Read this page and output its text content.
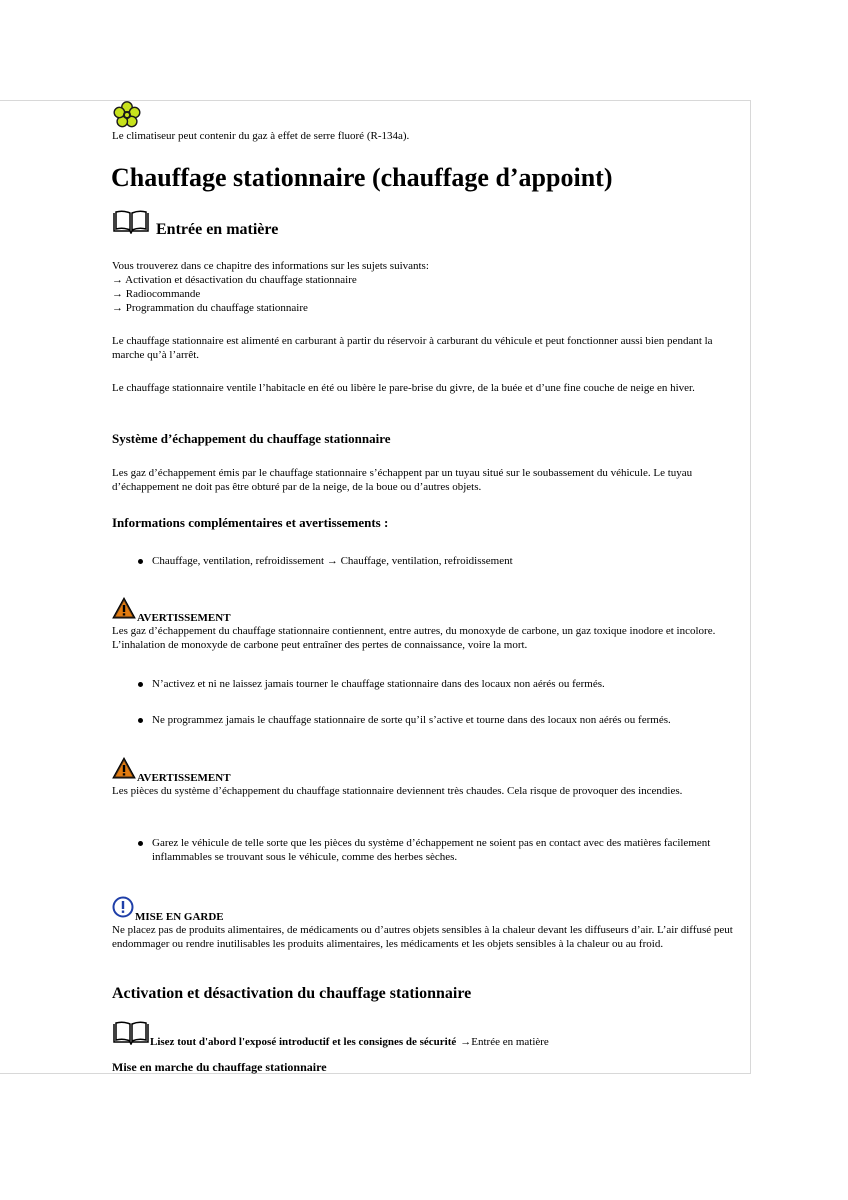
Le climatiseur peut contenir du gaz à effet de serre fluoré (R-134a).
Chauffage stationnaire (chauffage d’appoint)
Entrée en matière
Vous trouverez dans ce chapitre des informations sur les sujets suivants:
→ Activation et désactivation du chauffage stationnaire
→ Radiocommande
→ Programmation du chauffage stationnaire
Le chauffage stationnaire est alimenté en carburant à partir du réservoir à carburant du véhicule et peut fonctionner aussi bien pendant la marche qu’à l’arrêt.
Le chauffage stationnaire ventile l’habitacle en été ou libère le pare-brise du givre, de la buée et d’une fine couche de neige en hiver.
Système d’échappement du chauffage stationnaire
Les gaz d’échappement émis par le chauffage stationnaire s’échappent par un tuyau situé sur le soubassement du véhicule. Le tuyau d’échappement ne doit pas être obturé par de la neige, de la boue ou d’autres objets.
Informations complémentaires et avertissements :
Chauffage, ventilation, refroidissement → Chauffage, ventilation, refroidissement
AVERTISSEMENT
Les gaz d’échappement du chauffage stationnaire contiennent, entre autres, du monoxyde de carbone, un gaz toxique inodore et incolore. L’inhalation de monoxyde de carbone peut entraîner des pertes de connaissance, voire la mort.
N’activez et ni ne laissez jamais tourner le chauffage stationnaire dans des locaux non aérés ou fermés.
Ne programmez jamais le chauffage stationnaire de sorte qu’il s’active et tourne dans des locaux non aérés ou fermés.
AVERTISSEMENT
Les pièces du système d’échappement du chauffage stationnaire deviennent très chaudes. Cela risque de provoquer des incendies.
Garez le véhicule de telle sorte que les pièces du système d’échappement ne soient pas en contact avec des matières facilement inflammables se trouvant sous le véhicule, comme des herbes sèches.
MISE EN GARDE
Ne placez pas de produits alimentaires, de médicaments ou d’autres objets sensibles à la chaleur devant les diffuseurs d’air. L’air diffusé peut endommager ou rendre inutilisables les produits alimentaires, les médicaments et les objets sensibles à la chaleur ou au froid.
Activation et désactivation du chauffage stationnaire
Lisez tout d'abord l'exposé introductif et les consignes de sécurité →Entrée en matière
Mise en marche du chauffage stationnaire
